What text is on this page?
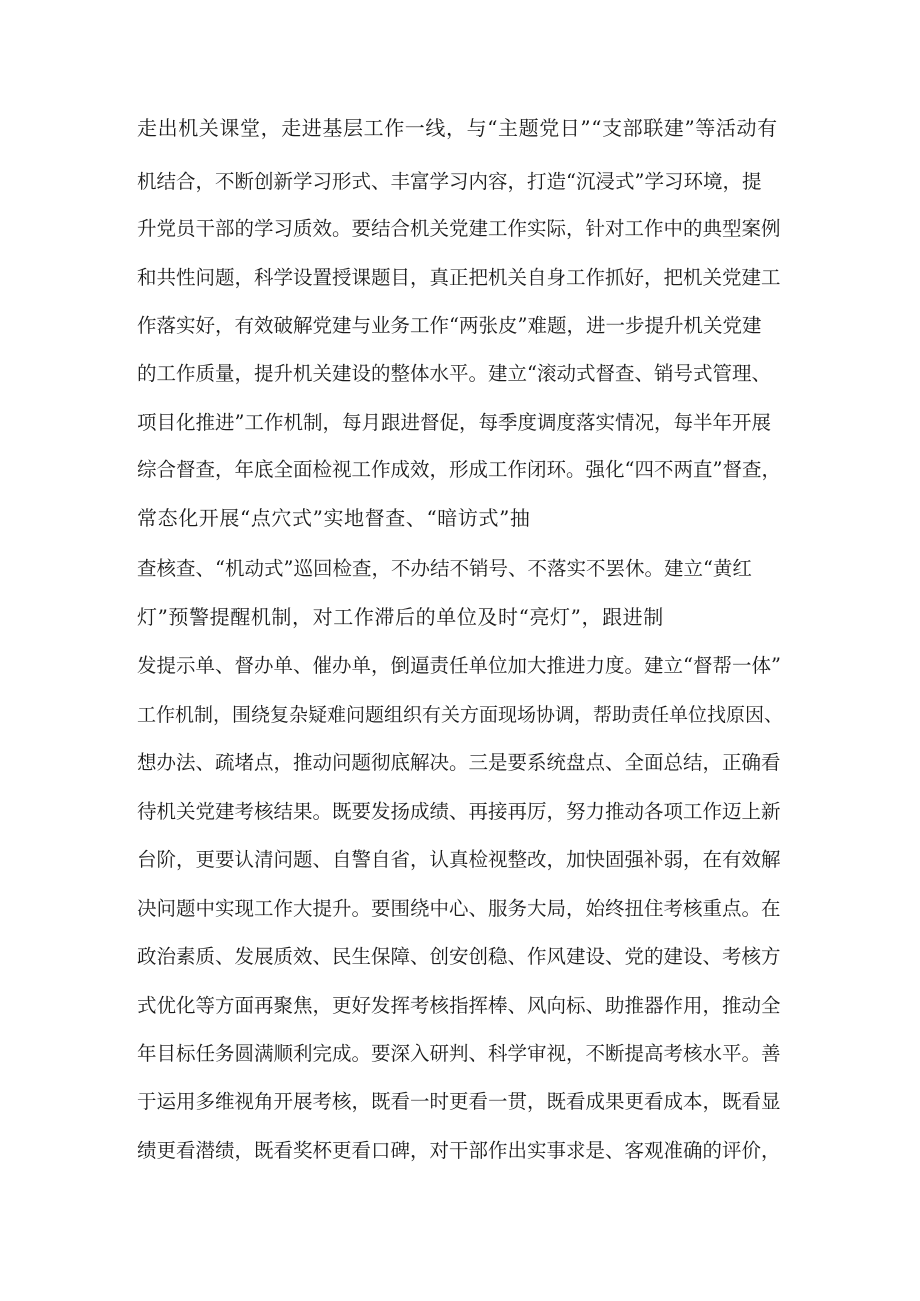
走出机关课堂，走进基层工作一线，与“主题党日”“支部联建”等活动有

机结合，不断创新学习形式、丰富学习内容，打造“沉浸式”学习环境，提

升党员干部的学习质效。要结合机关党建工作实际，针对工作中的典型案例

和共性问题，科学设置授课题目，真正把机关自身工作抓好，把机关党建工

作落实好，有效破解党建与业务工作“两张皮”难题，进一步提升机关党建

的工作质量，提升机关建设的整体水平。建立“滚动式督查、销号式管理、

项目化推进”工作机制，每月跟进督促，每季度调度落实情况，每半年开展

综合督查，年底全面检视工作成效，形成工作闭环。强化“四不两直”督查，

常态化开展“点穴式”实地督查、“暗访式”抽

查核查、“机动式”巡回检查，不办结不销号、不落实不罢休。建立“黄红

灯”预警提醒机制，对工作滞后的单位及时“亮灯”，跟进制

发提示单、督办单、催办单，倒逼责任单位加大推进力度。建立“督帮一体”

工作机制，围绕复杂疑难问题组织有关方面现场协调，帮助责任单位找原因、

想办法、疏堵点，推动问题彻底解决。三是要系统盘点、全面总结，正确看

待机关党建考核结果。既要发扬成绩、再接再厉，努力推动各项工作迈上新

台阶，更要认清问题、自警自省，认真检视整改，加快固强补弱，在有效解

决问题中实现工作大提升。要围绕中心、服务大局，始终扭住考核重点。在

政治素质、发展质效、民生保障、创安创稳、作风建设、党的建设、考核方

式优化等方面再聚焦，更好发挥考核指挥棒、风向标、助推器作用，推动全

年目标任务圆满顺利完成。要深入研判、科学审视，不断提高考核水平。善

于运用多维视角开展考核，既看一时更看一贯，既看成果更看成本，既看显

绩更看潜绩，既看奖杯更看口碑，对干部作出实事求是、客观准确的评价，
